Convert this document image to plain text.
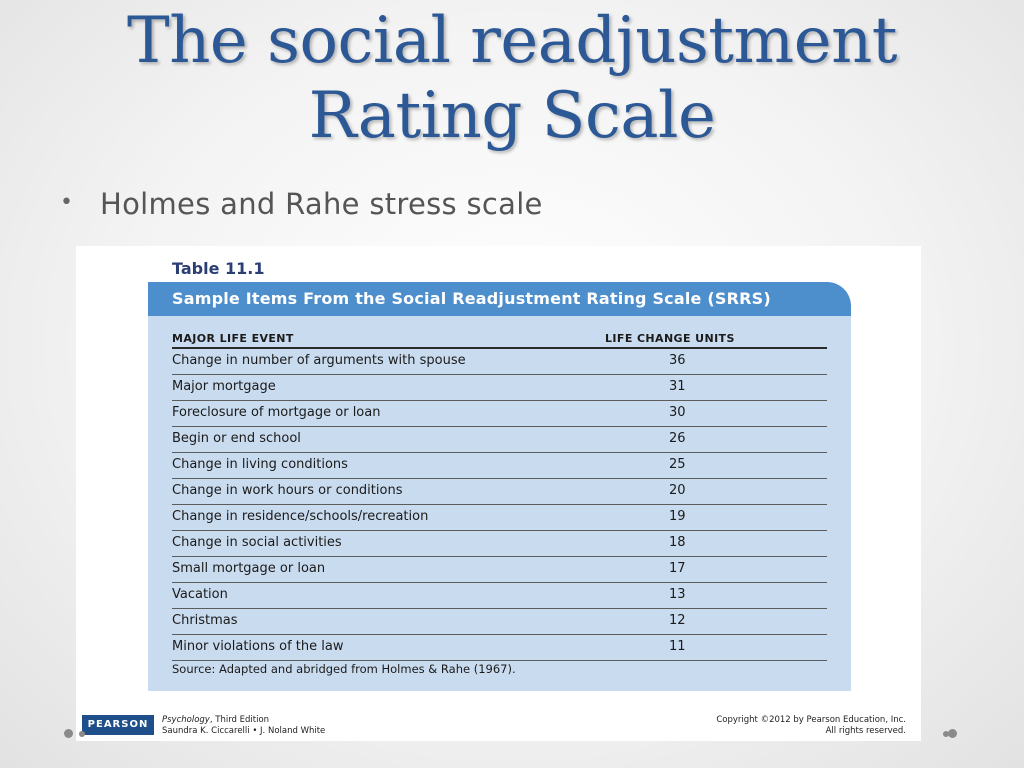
The social readjustment
Rating Scale
• Holmes and Rahe stress scale
Table 11.1
Sample Items From the Social Readjustment Rating Scale (SRRS)
MAJOR LIFE EVENT	LIFE CHANGE UNITS
Change in number of arguments with spouse	36
Major mortgage	31
Foreclosure of mortgage or loan	30
Begin or end school	26
Change in living conditions	25
Change in work hours or conditions	20
Change in residence/schools/recreation	19
Change in social activities	18
Small mortgage or loan	17
Vacation	13
Christmas	12
Minor violations of the law	11
Source: Adapted and abridged from Holmes & Rahe (1967).
PEARSON	Psychology, Third Edition
Saundra K. Ciccarelli • J. Noland White
Copyright ©2012 by Pearson Education, Inc.
All rights reserved.
